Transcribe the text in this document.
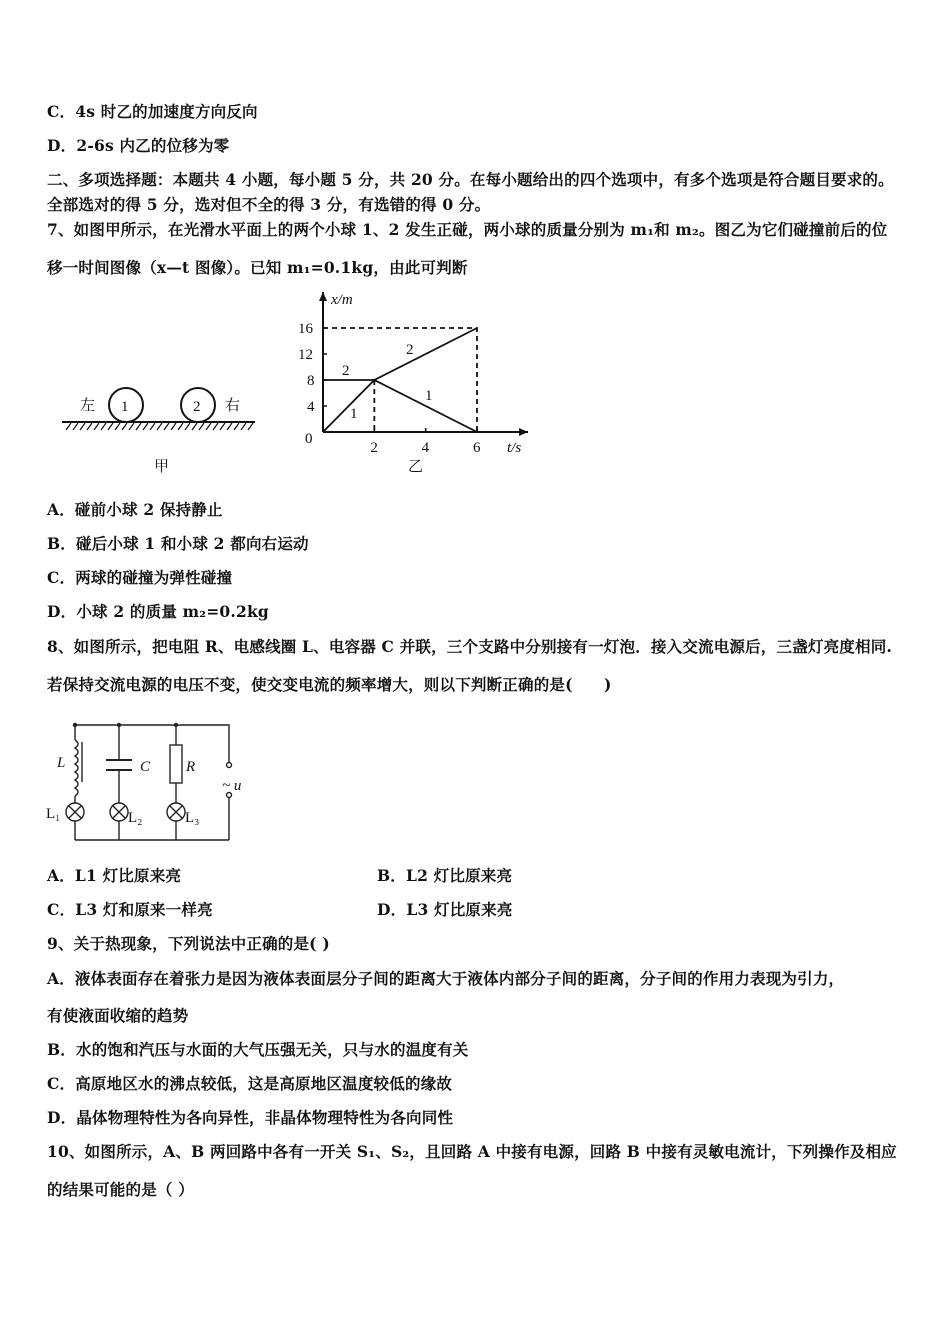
C．4s 时乙的加速度方向反向
D．2-6s 内乙的位移为零
二、多项选择题：本题共 4 小题，每小题 5 分，共 20 分。在每小题给出的四个选项中，有多个选项是符合题目要求的。
全部选对的得 5 分，选对但不全的得 3 分，有选错的得 0 分。
7、如图甲所示，在光滑水平面上的两个小球 1、2 发生正碰，两小球的质量分别为 m₁和 m₂。图乙为它们碰撞前后的位
移一时间图像（x—t 图像）。已知 m₁=0.1kg，由此可判断
1	2
左	右
甲
x/m
t/s
0
2	4	6
4
8
12
16
1
1
2
2
乙
L	C R
~ u
L₁	L₂	L₃
A．碰前小球 2 保持静止
B．碰后小球 1 和小球 2 都向右运动
C．两球的碰撞为弹性碰撞
D．小球 2 的质量 m₂=0.2kg
8、如图所示，把电阻 R、电感线圈 L、电容器 C 并联，三个支路中分别接有一灯泡．接入交流电源后，三盏灯亮度相同.
若保持交流电源的电压不变，使交变电流的频率增大，则以下判断正确的是(　　)
A．L1 灯比原来亮	B．L2 灯比原来亮
C．L3 灯和原来一样亮	D．L3 灯比原来亮
9、关于热现象，下列说法中正确的是( )
A．液体表面存在着张力是因为液体表面层分子间的距离大于液体内部分子间的距离，分子间的作用力表现为引力，
有使液面收缩的趋势
B．水的饱和汽压与水面的大气压强无关，只与水的温度有关
C．高原地区水的沸点较低，这是高原地区温度较低的缘故
D．晶体物理特性为各向异性，非晶体物理特性为各向同性
10、如图所示，A、B 两回路中各有一开关 S₁、S₂，且回路 A 中接有电源，回路 B 中接有灵敏电流计，下列操作及相应
的结果可能的是（ ）
